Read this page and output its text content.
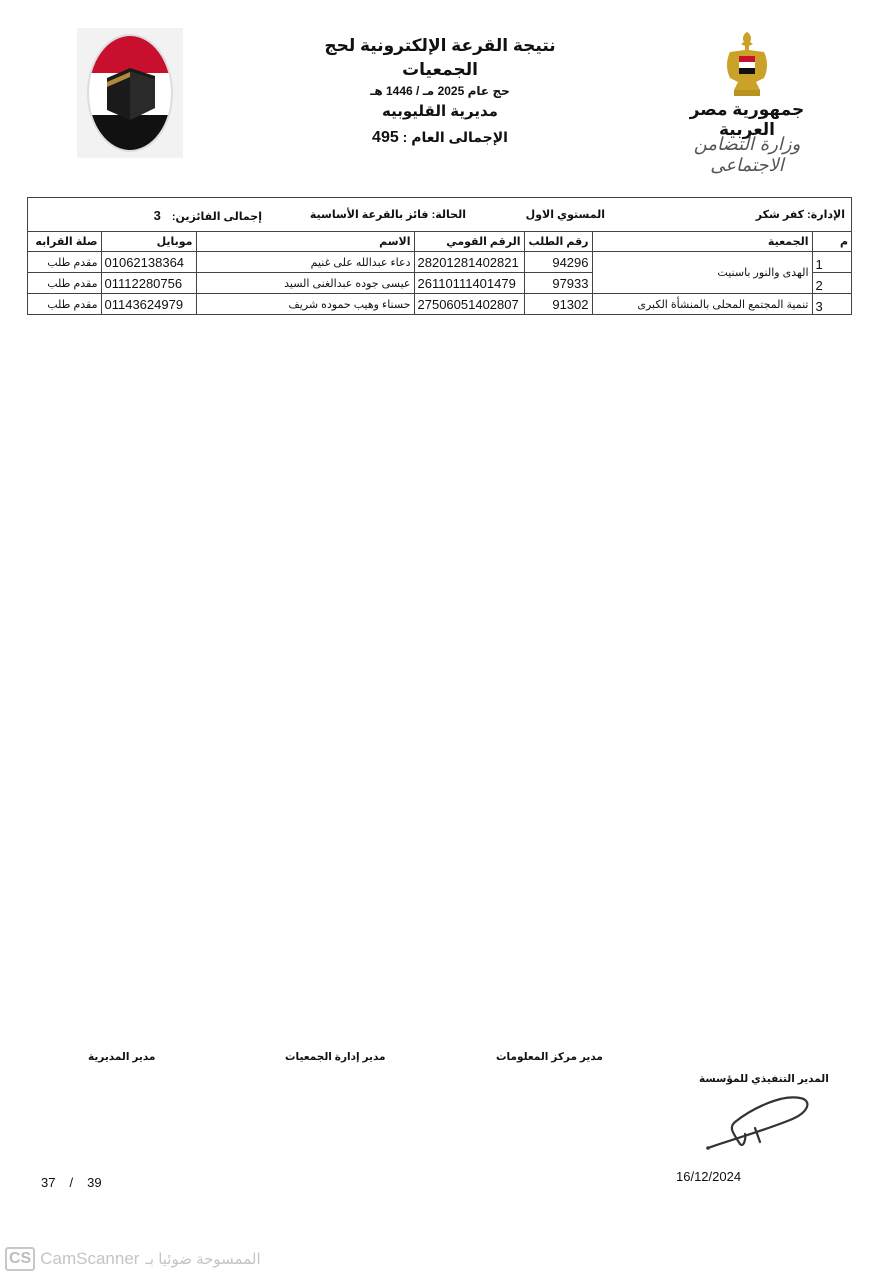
نتيجة القرعة الإلكترونية لحج الجمعيات
حج عام 2025 مـ / 1446 هـ
مديرية القليوبيه
الإجمالى العام : 495
جمهورية مصر العربية
وزارة التضامن الاجتماعى
الإدارة: كفر شكر
المستوي الاول
الحالة: فائز بالقرعة الأساسية
إجمالى الفائزين: 3
م	الجمعية	رقم الطلب	الرقم القومي	الاسم	موبايل	صلة القرابه
1	الهدى والنور باسنيت	94296	28201281402821	دعاء عبدالله على غنيم	01062138364	مقدم طلب
2		97933	26110111401479	عيسى جوده عبدالغنى السيد	01112280756	مقدم طلب
3	تنمية المجتمع المحلى بالمنشأة الكبرى	91302	27506051402807	حسناء وهيب حموده شريف	01143624979	مقدم طلب
مدير المديرية	مدير إدارة الجمعيات	مدير مركز المعلومات
المدير التنفيذي للمؤسسة
16/12/2024
37 / 39
CS CamScanner الممسوحة ضوئيا بـ
